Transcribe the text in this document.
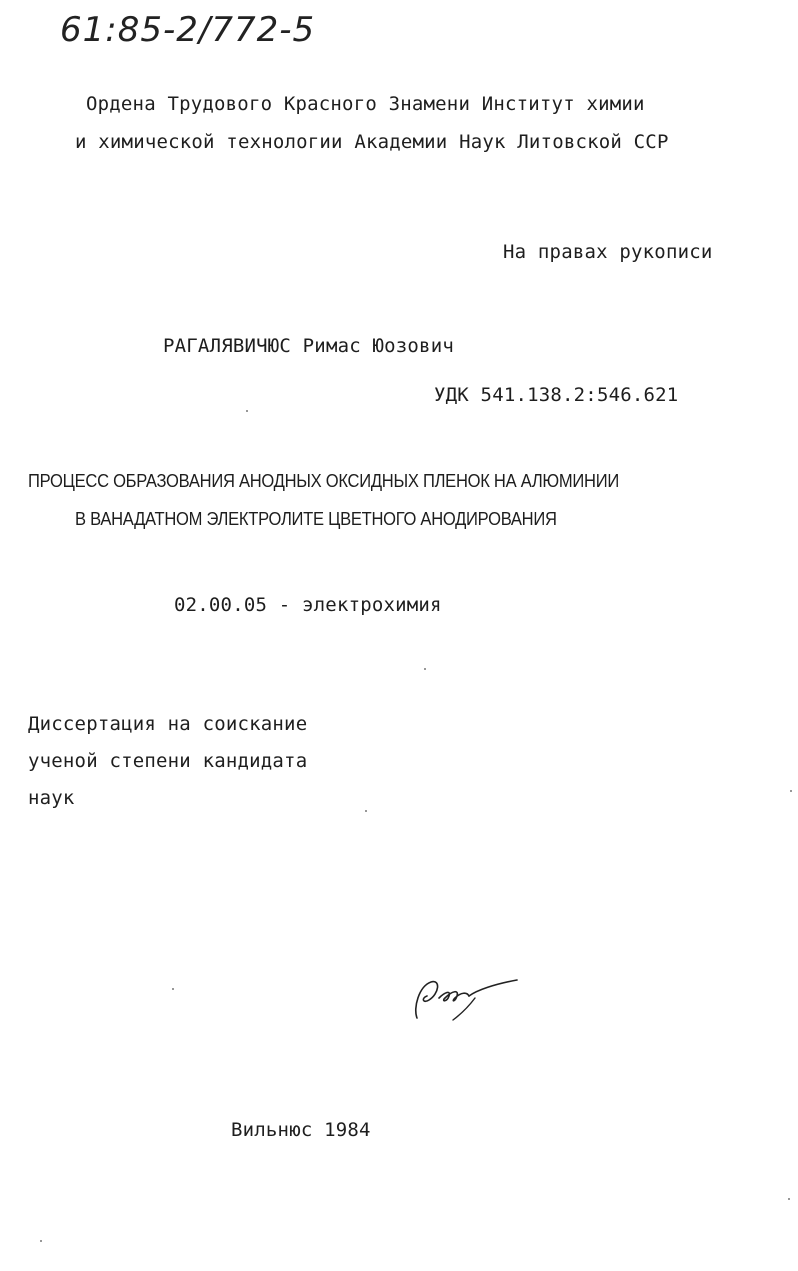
61:85-2/772-5
Ордена Трудового Красного Знамени Институт химии
и химической технологии Академии Наук Литовской ССР
На правах рукописи
РАГАЛЯВИЧЮС Римас Юозович
УДК 541.138.2:546.621
ПРОЦЕСС ОБРАЗОВАНИЯ АНОДНЫХ ОКСИДНЫХ ПЛЕНОК НА АЛЮМИНИИ
В ВАНАДАТНОМ ЭЛЕКТРОЛИТЕ ЦВЕТНОГО АНОДИРОВАНИЯ
02.00.05 - электрохимия
Диссертация на соискание
ученой степени кандидата
наук
Вильнюс 1984
